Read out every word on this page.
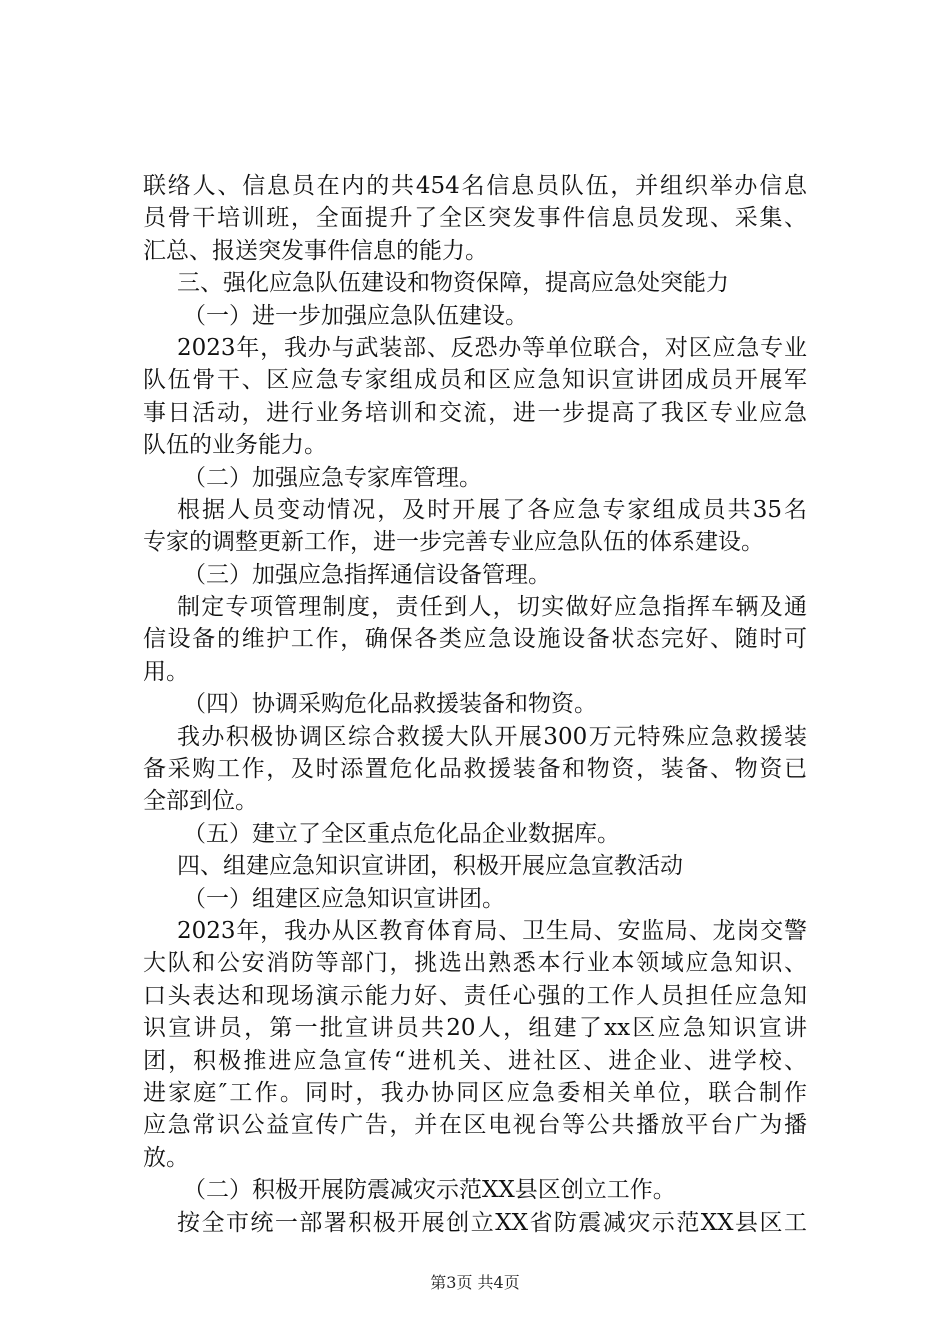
联络人、信息员在内的共454名信息员队伍，并组织举办信息
员骨干培训班，全面提升了全区突发事件信息员发现、采集、
汇总、报送突发事件信息的能力。
三、强化应急队伍建设和物资保障，提高应急处突能力
（一）进一步加强应急队伍建设。
2023年，我办与武装部、反恐办等单位联合，对区应急专业
队伍骨干、区应急专家组成员和区应急知识宣讲团成员开展军
事日活动，进行业务培训和交流，进一步提高了我区专业应急
队伍的业务能力。
（二）加强应急专家库管理。
根据人员变动情况，及时开展了各应急专家组成员共35名
专家的调整更新工作，进一步完善专业应急队伍的体系建设。
（三）加强应急指挥通信设备管理。
制定专项管理制度，责任到人，切实做好应急指挥车辆及通
信设备的维护工作，确保各类应急设施设备状态完好、随时可
用。
（四）协调采购危化品救援装备和物资。
我办积极协调区综合救援大队开展300万元特殊应急救援装
备采购工作，及时添置危化品救援装备和物资，装备、物资已
全部到位。
（五）建立了全区重点危化品企业数据库。
四、组建应急知识宣讲团，积极开展应急宣教活动
（一）组建区应急知识宣讲团。
2023年，我办从区教育体育局、卫生局、安监局、龙岗交警
大队和公安消防等部门，挑选出熟悉本行业本领域应急知识、
口头表达和现场演示能力好、责任心强的工作人员担任应急知
识宣讲员，第一批宣讲员共20人，组建了xx区应急知识宣讲
团，积极推进应急宣传“进机关、进社区、进企业、进学校、
进家庭″工作。同时，我办协同区应急委相关单位，联合制作
应急常识公益宣传广告，并在区电视台等公共播放平台广为播
放。
（二）积极开展防震减灾示范XX县区创立工作。
按全市统一部署积极开展创立XX省防震减灾示范XX县区工
第3页 共4页
